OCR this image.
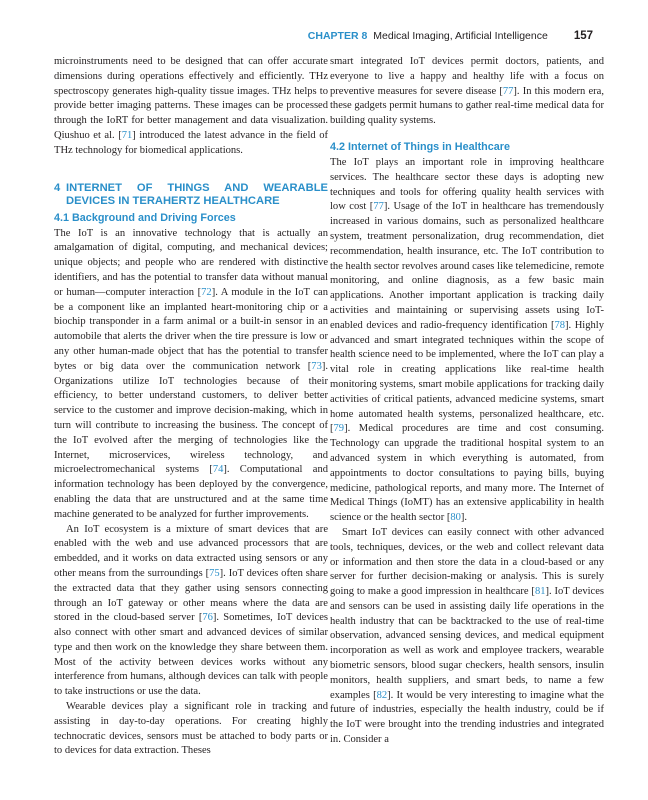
CHAPTER 8 Medical Imaging, Artificial Intelligence 157

microinstruments need to be designed that can offer accurate dimensions during operations effectively and efficiently. THz spectroscopy generates high-quality tissue images. THz helps to provide better imaging patterns. These images can be processed through the IoRT for better management and data visualization. Qiushuo et al. [71] introduced the latest advance in the field of THz technology for biomedical applications.

4 INTERNET OF THINGS AND WEARABLE DEVICES IN TERAHERTZ HEALTHCARE
4.1 Background and Driving Forces

The IoT is an innovative technology that is actually an amalgamation of digital, computing, and mechanical devices; unique objects; and people who are rendered with distinctive identifiers, and has the potential to transfer data without manual or human—computer interaction [72]. A module in the IoT can be a component like an implanted heart-monitoring chip or a biochip transponder in a farm animal or a built-in sensor in an automobile that alerts the driver when the tire pressure is low or any other human-made object that has the potential to transfer bytes or big data over the communication network [73]. Organizations utilize IoT technologies because of their efficiency, to better understand customers, to deliver better service to the customer and improve decision-making, which in turn will contribute to increasing the business. The concept of the IoT evolved after the merging of technologies like the Internet, microservices, wireless technology, and microelectromechanical systems [74]. Computational and information technology has been deployed by the convergence, enabling the data that are unstructured and at the same time machine generated to be analyzed for further improvements.

An IoT ecosystem is a mixture of smart devices that are enabled with the web and use advanced processors that are embedded, and it works on data extracted using sensors or any other means from the surroundings [75]. IoT devices often share the extracted data that they gather using sensors connecting through an IoT gateway or other means where the data are stored in the cloud-based server [76]. Sometimes, IoT devices also connect with other smart and advanced devices of similar type and then work on the knowledge they share between them. Most of the activity between devices works without any interference from humans, although devices can talk with people to take instructions or use the data.

Wearable devices play a significant role in tracking and assisting in day-to-day operations. For creating highly technocratic devices, sensors must be attached to body parts or to devices for data extraction. Theses

smart integrated IoT devices permit doctors, patients, and everyone to live a happy and healthy life with a focus on preventive measures for severe disease [77]. In this modern era, these gadgets permit humans to gather real-time medical data for building quality systems.

4.2 Internet of Things in Healthcare

The IoT plays an important role in improving healthcare services. The healthcare sector these days is adopting new techniques and tools for offering quality health services with low cost [77]. Usage of the IoT in healthcare has tremendously increased in various domains, such as personalized healthcare system, treatment personalization, drug recommendation, diet recommendation, health insurance, etc. The IoT contribution to the health sector revolves around cases like telemedicine, remote monitoring, and online diagnosis, as a few basic main applications. Another important application is tracking daily activities and maintaining or supervising assets using IoT-enabled devices and radio-frequency identification [78]. Highly advanced and smart integrated techniques within the scope of health science need to be implemented, where the IoT can play a vital role in creating applications like real-time health monitoring systems, smart mobile applications for tracking daily activities of critical patients, advanced medicine systems, smart home automated health systems, personalized healthcare, etc. [79]. Medical procedures are time and cost consuming. Technology can upgrade the traditional hospital system to an advanced system in which everything is automated, from appointments to doctor consultations to paying bills, buying medicine, pathological reports, and many more. The Internet of Medical Things (IoMT) has an extensive applicability in health science or the health sector [80].

Smart IoT devices can easily connect with other advanced tools, techniques, devices, or the web and collect relevant data or information and then store the data in a cloud-based or any server for further decision-making or analysis. This is surely going to make a good impression in healthcare [81]. IoT devices and sensors can be used in assisting daily life operations in the health industry that can be backtracked to the use of real-time observation, advanced sensing devices, and medical equipment incorporation as well as work and employee trackers, wearable biometric sensors, blood sugar checkers, health sensors, insulin monitors, health suppliers, and smart beds, to name a few examples [82]. It would be very interesting to imagine what the future of industries, especially the health industry, could be if the IoT were brought into the trending industries and integrated in. Consider a
